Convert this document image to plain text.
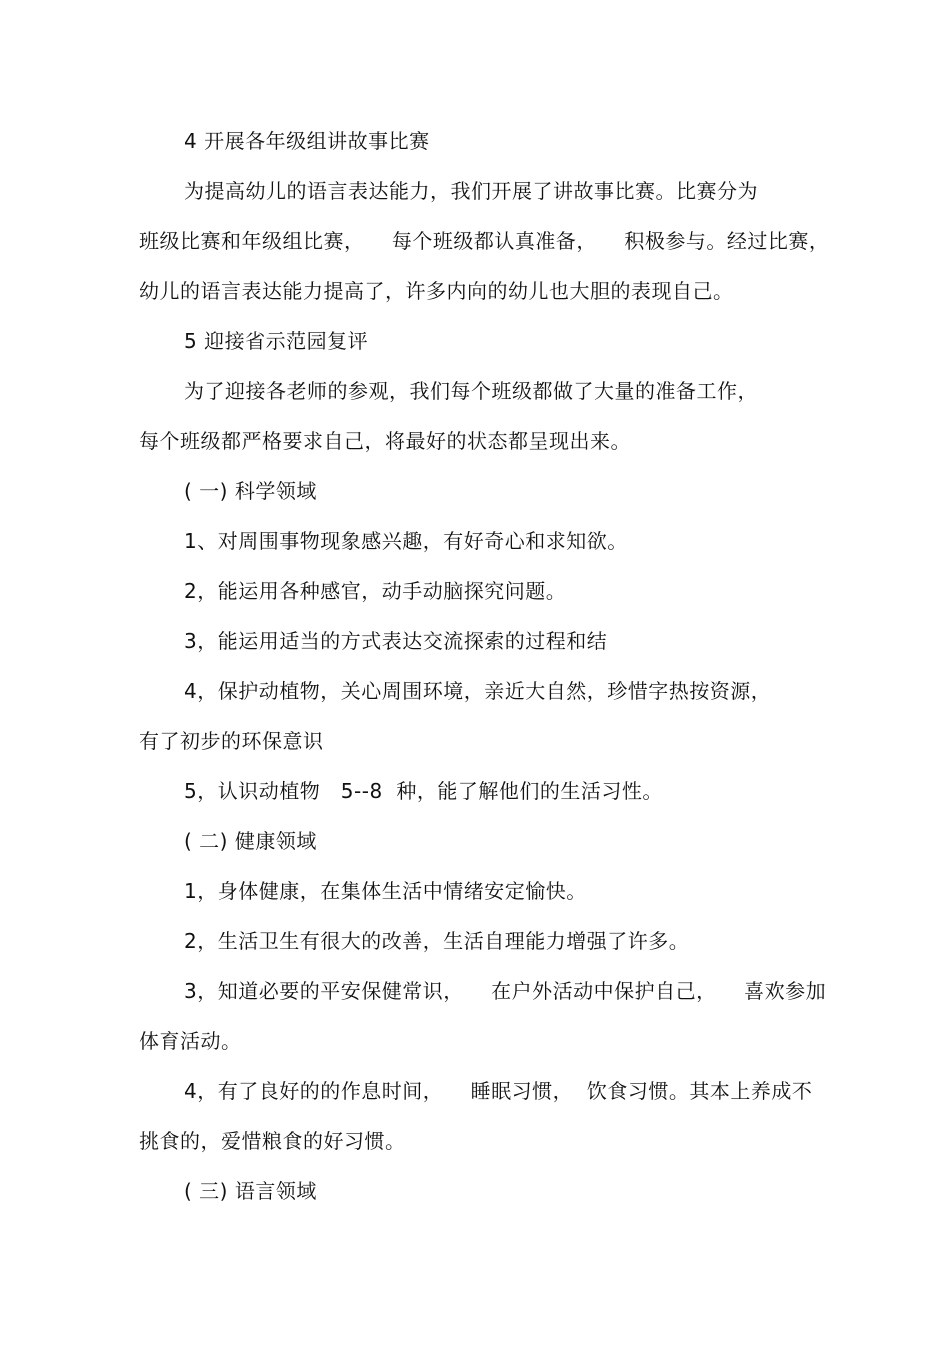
4 开展各年级组讲故事比赛
为提高幼儿的语言表达能力，我们开展了讲故事比赛。比赛分为
班级比赛和年级组比赛，    每个班级都认真准备，    积极参与。经过比赛，
幼儿的语言表达能力提高了，许多内向的幼儿也大胆的表现自己。
5 迎接省示范园复评
为了迎接各老师的参观，我们每个班级都做了大量的准备工作，
每个班级都严格要求自己，将最好的状态都呈现出来。
( 一) 科学领域
1、对周围事物现象感兴趣，有好奇心和求知欲。
2，能运用各种感官，动手动脑探究问题。
3，能运用适当的方式表达交流探索的过程和结
4，保护动植物，关心周围环境，亲近大自然，珍惜字热按资源，
有了初步的环保意识
5，认识动植物   5--8  种，能了解他们的生活习性。
( 二) 健康领域
1，身体健康，在集体生活中情绪安定愉快。
2，生活卫生有很大的改善，生活自理能力增强了许多。
3，知道必要的平安保健常识，    在户外活动中保护自己，    喜欢参加
体育活动。
4，有了良好的的作息时间，    睡眠习惯，  饮食习惯。其本上养成不
挑食的，爱惜粮食的好习惯。
( 三) 语言领域
